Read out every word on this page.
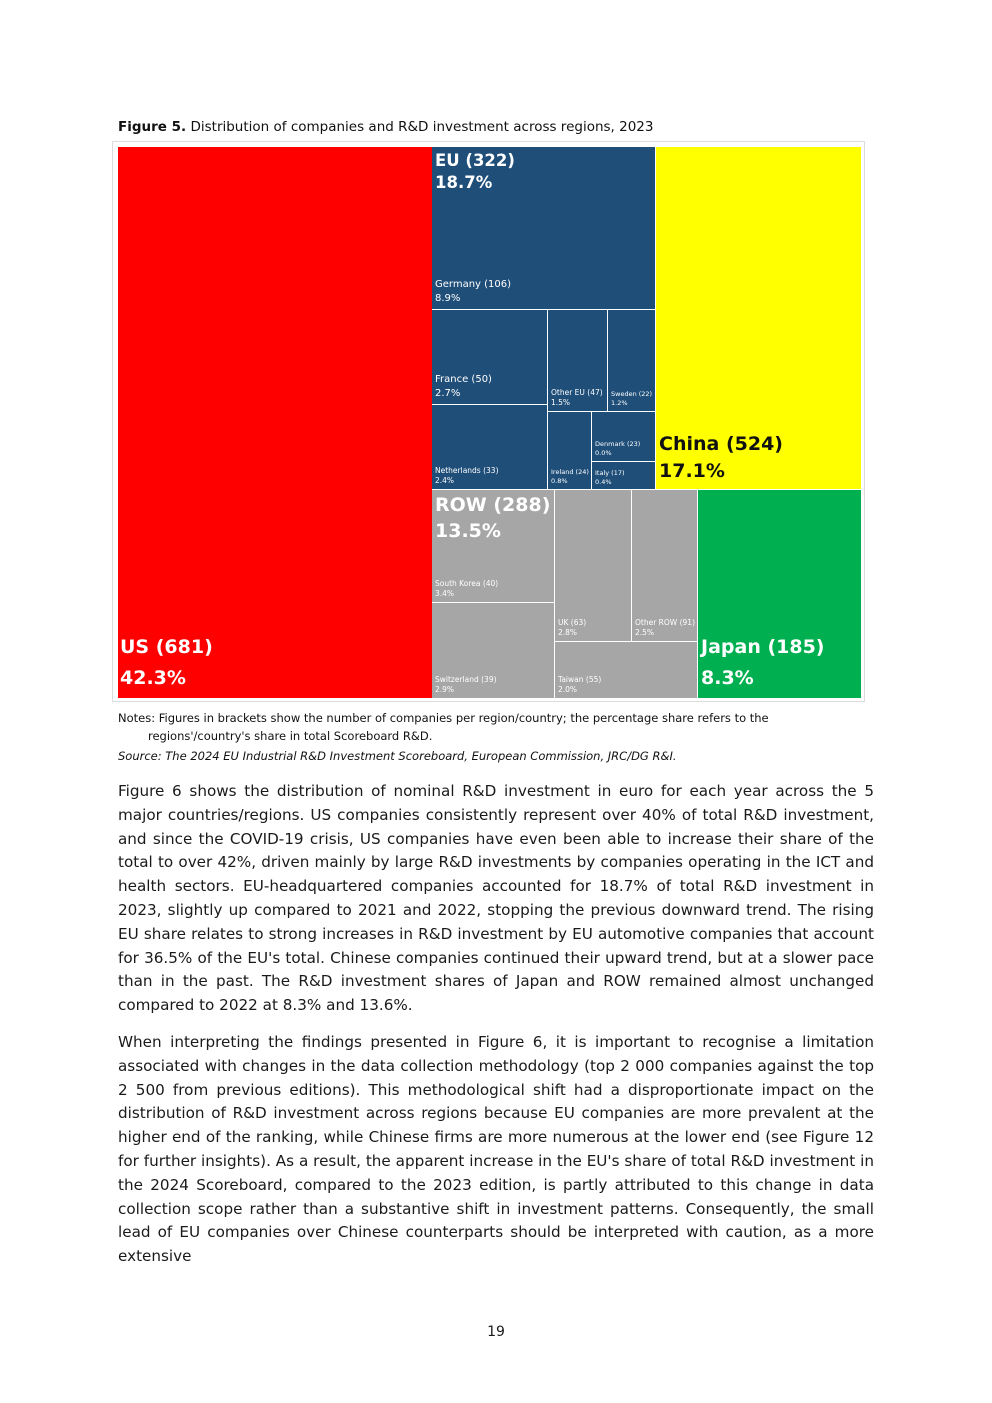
Figure 5. Distribution of companies and R&D investment across regions, 2023
US (681)
42.3%
EU (322)
18.7%
Germany (106)
8.9%
France (50)
2.7%
Netherlands (33)
2.4%
Other EU (47)
1.5%
Sweden (22)
1.2%
Ireland (24)
0.8%
Denmark (23)
0.0%
Italy (17)
0.4%
China (524)
17.1%
ROW (288)
13.5%
South Korea (40)
3.4%
Switzerland (39)
2.9%
UK (63)
2.8%
Other ROW (91)
2.5%
Taiwan (55)
2.0%
Japan (185)
8.3%
Notes: Figures in brackets show the number of companies per region/country; the percentage share refers to the
regions'/country's share in total Scoreboard R&D.
Source: The 2024 EU Industrial R&D Investment Scoreboard, European Commission, JRC/DG R&I.

Figure 6 shows the distribution of nominal R&D investment in euro for each year across the 5 major countries/regions. US companies consistently represent over 40% of total R&D investment, and since the COVID-19 crisis, US companies have even been able to increase their share of the total to over 42%, driven mainly by large R&D investments by companies operating in the ICT and health sectors. EU-headquartered companies accounted for 18.7% of total R&D investment in 2023, slightly up compared to 2021 and 2022, stopping the previous downward trend. The rising EU share relates to strong increases in R&D investment by EU automotive companies that account for 36.5% of the EU's total. Chinese companies continued their upward trend, but at a slower pace than in the past. The R&D investment shares of Japan and ROW remained almost unchanged compared to 2022 at 8.3% and 13.6%.

When interpreting the findings presented in Figure 6, it is important to recognise a limitation associated with changes in the data collection methodology (top 2 000 companies against the top 2 500 from previous editions). This methodological shift had a disproportionate impact on the distribution of R&D investment across regions because EU companies are more prevalent at the higher end of the ranking, while Chinese firms are more numerous at the lower end (see Figure 12 for further insights). As a result, the apparent increase in the EU's share of total R&D investment in the 2024 Scoreboard, compared to the 2023 edition, is partly attributed to this change in data collection scope rather than a substantive shift in investment patterns. Consequently, the small lead of EU companies over Chinese counterparts should be interpreted with caution, as a more extensive

19
